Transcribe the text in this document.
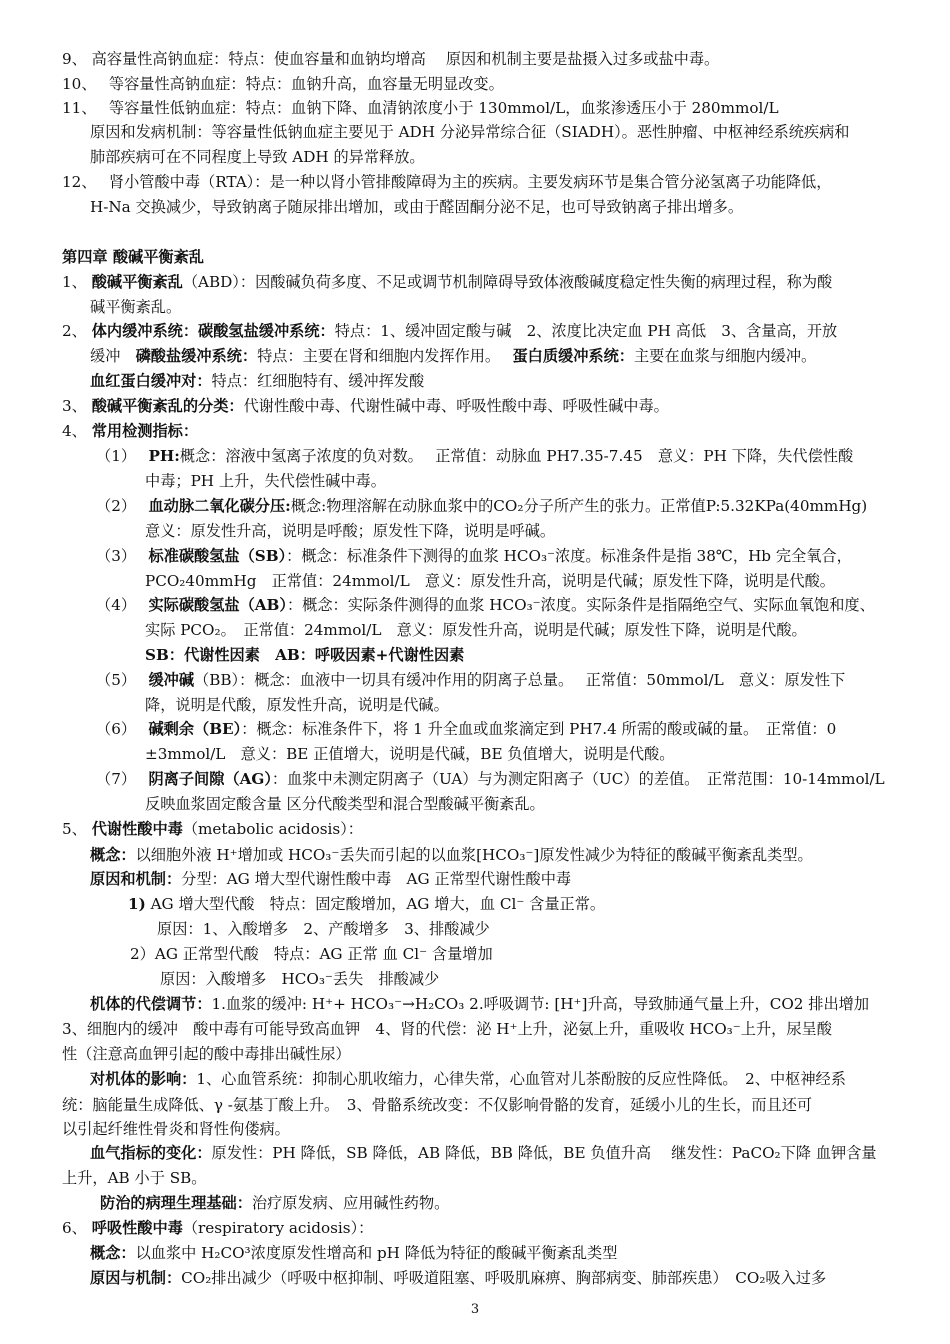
9、 高容量性高钠血症：特点：使血容量和血钠均增高　 原因和机制主要是盐摄入过多或盐中毒。
10、　 等容量性高钠血症：特点：血钠升高，血容量无明显改变。
11、　 等容量性低钠血症：特点：血钠下降、血清钠浓度小于 130mmol/L，血浆渗透压小于 280mmol/L
原因和发病机制：等容量性低钠血症主要见于 ADH 分泌异常综合征（SIADH）。恶性肿瘤、中枢神经系统疾病和
肺部疾病可在不同程度上导致 ADH 的异常释放。
12、　 肾小管酸中毒（RTA）：是一种以肾小管排酸障碍为主的疾病。主要发病环节是集合管分泌氢离子功能降低，
H-Na 交换减少，导致钠离子随尿排出增加，或由于醛固酮分泌不足，也可导致钠离子排出增多。
第四章 酸碱平衡紊乱
1、 酸碱平衡紊乱（ABD）：因酸碱负荷多度、不足或调节机制障碍导致体液酸碱度稳定性失衡的病理过程，称为酸
碱平衡紊乱。
2、 体内缓冲系统：碳酸氢盐缓冲系统：特点：1、缓冲固定酸与碱　2、浓度比决定血 PH 高低　3、含量高，开放
缓冲　磷酸盐缓冲系统：特点：主要在肾和细胞内发挥作用。　 蛋白质缓冲系统：主要在血浆与细胞内缓冲。
血红蛋白缓冲对：特点：红细胞特有、缓冲挥发酸
3、 酸碱平衡紊乱的分类：代谢性酸中毒、代谢性碱中毒、呼吸性酸中毒、呼吸性碱中毒。
4、 常用检测指标：
（1）　 PH:概念：溶液中氢离子浓度的负对数。　 正常值：动脉血 PH7.35-7.45　意义：PH 下降，失代偿性酸
中毒；PH 上升，失代偿性碱中毒。
（2）　 血动脉二氧化碳分压:概念:物理溶解在动脉血浆中的CO₂分子所产生的张力。正常值P:5.32KPa(40mmHg)
意义：原发性升高，说明是呼酸；原发性下降，说明是呼碱。
（3）　 标准碳酸氢盐（SB）：概念：标准条件下测得的血浆 HCO₃⁻浓度。标准条件是指 38℃，Hb 完全氧合，
PCO₂40mmHg　正常值：24mmol/L　意义：原发性升高，说明是代碱；原发性下降，说明是代酸。
（4）　 实际碳酸氢盐（AB）：概念：实际条件测得的血浆 HCO₃⁻浓度。实际条件是指隔绝空气、实际血氧饱和度、
实际 PCO₂。　正常值：24mmol/L　意义：原发性升高，说明是代碱；原发性下降，说明是代酸。
SB：代谢性因素　AB：呼吸因素+代谢性因素
（5）　 缓冲碱（BB）：概念：血液中一切具有缓冲作用的阴离子总量。　 正常值：50mmol/L　意义：原发性下
降，说明是代酸，原发性升高，说明是代碱。
（6）　 碱剩余（BE）：概念：标准条件下，将 1 升全血或血浆滴定到 PH7.4 所需的酸或碱的量。　正常值：0
±3mmol/L　意义：BE 正值增大，说明是代碱，BE 负值增大，说明是代酸。
（7）　 阴离子间隙（AG）：血浆中未测定阴离子（UA）与为测定阳离子（UC）的差值。　正常范围：10-14mmol/L
反映血浆固定酸含量 区分代酸类型和混合型酸碱平衡紊乱。
5、 代谢性酸中毒（metabolic acidosis）：
概念：以细胞外液 H⁺增加或 HCO₃⁻丢失而引起的以血浆[HCO₃⁻]原发性减少为特征的酸碱平衡紊乱类型。
原因和机制：分型：AG 增大型代谢性酸中毒　AG 正常型代谢性酸中毒
1) AG 增大型代酸　特点：固定酸增加，AG 增大，血 Cl⁻ 含量正常。
原因：1、入酸增多　2、产酸增多　3、排酸减少
2）AG 正常型代酸　特点：AG 正常 血 Cl⁻ 含量增加
原因：入酸增多　HCO₃⁻丢失　排酸减少
机体的代偿调节：1.血浆的缓冲: H⁺+ HCO₃⁻→H₂CO₃ 2.呼吸调节: [H⁺]升高，导致肺通气量上升，CO2 排出增加
3、细胞内的缓冲　酸中毒有可能导致高血钾　4、肾的代偿：泌 H⁺上升，泌氨上升，重吸收 HCO₃⁻上升，尿呈酸
性（注意高血钾引起的酸中毒排出碱性尿）
对机体的影响：1、心血管系统：抑制心肌收缩力，心律失常，心血管对儿茶酚胺的反应性降低。　2、中枢神经系
统：脑能量生成降低、γ -氨基丁酸上升。　3、骨骼系统改变：不仅影响骨骼的发育，延缓小儿的生长，而且还可
以引起纤维性骨炎和肾性佝偻病。
血气指标的变化：原发性：PH 降低，SB 降低，AB 降低，BB 降低，BE 负值升高　 继发性：PaCO₂下降 血钾含量
上升，AB 小于 SB。
防治的病理生理基础：治疗原发病、应用碱性药物。
6、 呼吸性酸中毒（respiratory acidosis）：
概念：以血浆中 H₂CO³浓度原发性增高和 pH 降低为特征的酸碱平衡紊乱类型
原因与机制：CO₂排出减少（呼吸中枢抑制、呼吸道阻塞、呼吸肌麻痹、胸部病变、肺部疾患）　CO₂吸入过多
3
